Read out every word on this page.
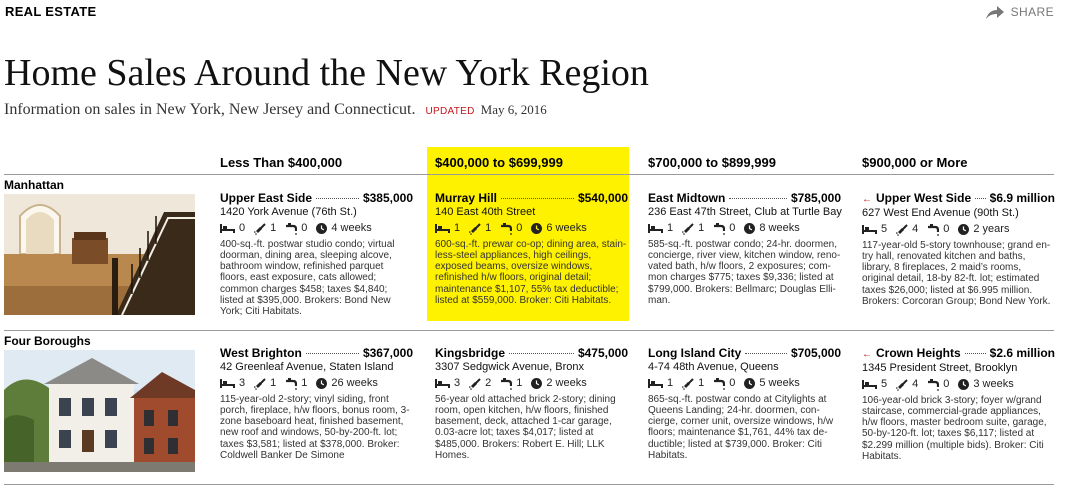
REAL ESTATE	SHARE
Home Sales Around the New York Region
Information on sales in New York, New Jersey and Connecticut. UPDATED May 6, 2016
Less Than $400,000	$400,000 to $699,999	$700,000 to $899,999	$900,000 or More
Manhattan
Upper East Side	$385,000
1420 York Avenue (76th St.)
0 1 0 4 weeks
400-sq.-ft. postwar studio condo; virtual doorman, dining area, sleeping alcove, bathroom window, refinished parquet floors, east exposure, cats allowed; common charges $458; taxes $4,840; listed at $395,000. Brokers: Bond New York; Citi Habitats.
Murray Hill	$540,000
140 East 40th Street
1 1 0 6 weeks
600-sq.-ft. prewar co-op; dining area, stainless-steel appliances, high ceilings, exposed beams, oversize windows, refinished h/w floors, original detail; maintenance $1,107, 55% tax deductible; listed at $559,000. Broker: Citi Habitats.
East Midtown	$785,000
236 East 47th Street, Club at Turtle Bay
1 1 0 8 weeks
585-sq.-ft. postwar condo; 24-hr. doormen, concierge, river view, kitchen window, renovated bath, h/w floors, 2 exposures; common charges $775; taxes $9,336; listed at $799,000. Brokers: Bellmarc; Douglas Elliman.
← Upper West Side $6.9 million
627 West End Avenue (90th St.)
5 4 0 2 years
117-year-old 5-story townhouse; grand entry hall, renovated kitchen and baths, library, 8 fireplaces, 2 maid’s rooms, original detail, 18-by 82-ft. lot; estimated taxes $26,000; listed at $6.995 million. Brokers: Corcoran Group; Bond New York.
Four Boroughs
West Brighton	$367,000
42 Greenleaf Avenue, Staten Island
3 1 1 26 weeks
115-year-old 2-story; vinyl siding, front porch, fireplace, h/w floors, bonus room, 3-zone baseboard heat, finished basement, new roof and windows, 50-by-200-ft. lot; taxes $3,581; listed at $378,000. Broker: Coldwell Banker De Simone
Kingsbridge	$475,000
3307 Sedgwick Avenue, Bronx
3 2 1 2 weeks
56-year old attached brick 2-story; dining room, open kitchen, h/w floors, finished basement, deck, attached 1-car garage, 0.03-acre lot; taxes $4,017; listed at $485,000. Brokers: Robert E. Hill; LLK Homes.
Long Island City	$705,000
4-74 48th Avenue, Queens
1 1 0 5 weeks
865-sq.-ft. postwar condo at Citylights at Queens Landing; 24-hr. doormen, concierge, corner unit, oversize windows, h/w floors; maintenance $1,761, 44% tax deductible; listed at $739,000. Broker: Citi Habitats.
← Crown Heights $2.6 million
1345 President Street, Brooklyn
5 4 0 3 weeks
106-year-old brick 3-story; foyer w/grand staircase, commercial-grade appliances, h/w floors, master bedroom suite, garage, 50-by-120-ft. lot; taxes $6,117; listed at $2.299 million (multiple bids). Broker: Citi Habitats.
